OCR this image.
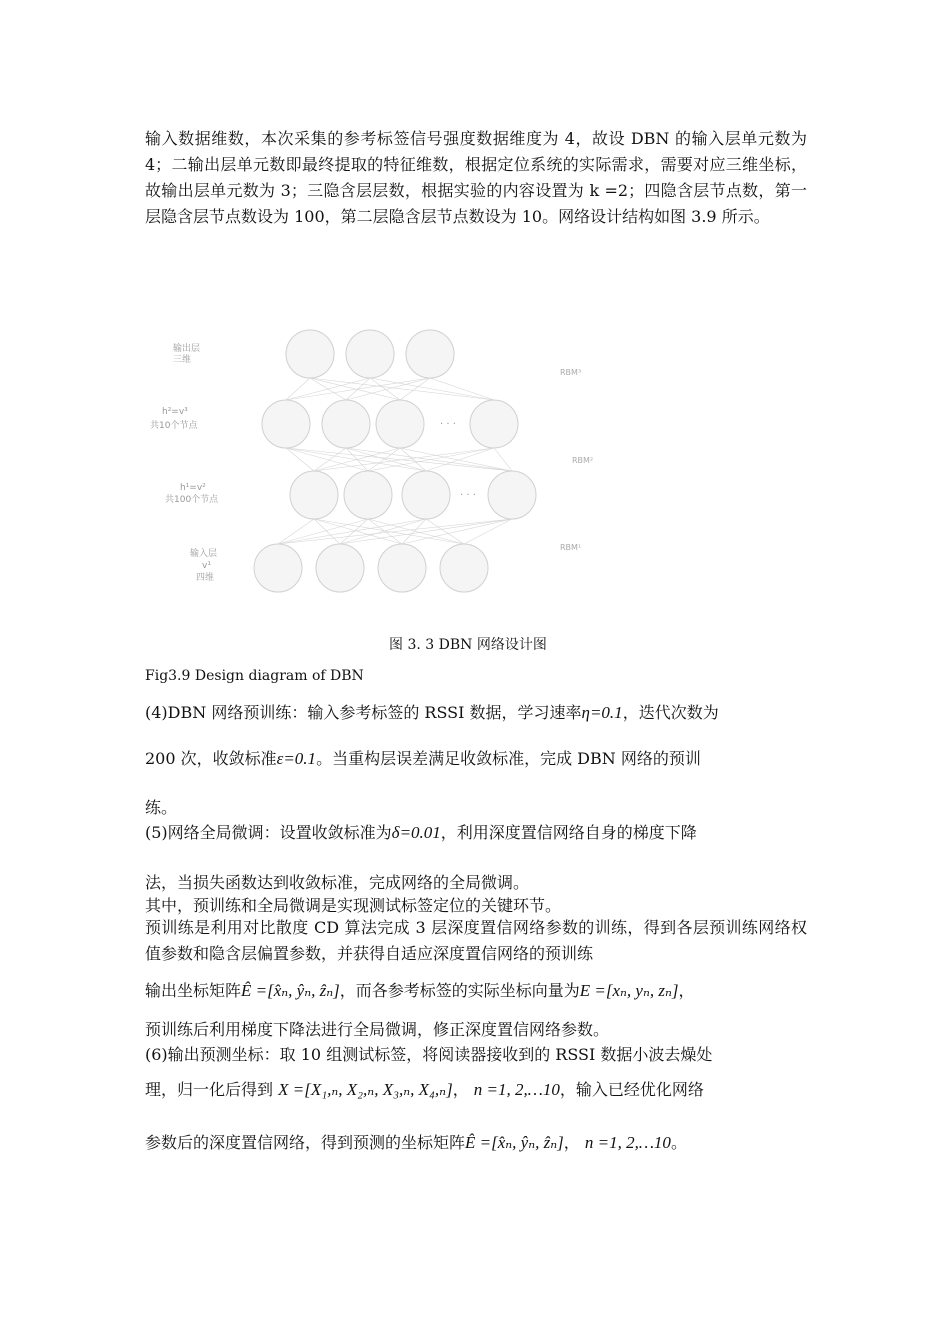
输入数据维数，本次采集的参考标签信号强度数据维度为 4，故设 DBN 的输入层单元数为 4；二输出层单元数即最终提取的特征维数，根据定位系统的实际需求，需要对应三维坐标，故输出层单元数为 3；三隐含层层数，根据实验的内容设置为 k =2；四隐含层节点数，第一层隐含层节点数设为 100，第二层隐含层节点数设为 10。网络设计结构如图 3.9 所示。
输出层
三维
h²=v³
共10个节点
h¹=v²
共100个节点
输入层
v¹
四维
· · ·
· · ·
RBM³
RBM²
RBM¹
图 3. 3 DBN 网络设计图
Fig3.9 Design diagram of DBN
(4)DBN 网络预训练：输入参考标签的 RSSI 数据，学习速率η=0.1，迭代次数为
200 次，收敛标准ε=0.1。当重构层误差满足收敛标准，完成 DBN 网络的预训
练。
(5)网络全局微调：设置收敛标准为δ=0.01，利用深度置信网络自身的梯度下降
法，当损失函数达到收敛标准，完成网络的全局微调。
其中，预训练和全局微调是实现测试标签定位的关键环节。
预训练是利用对比散度 CD 算法完成 3 层深度置信网络参数的训练，得到各层预训练网络权值参数和隐含层偏置参数，并获得自适应深度置信网络的预训练
输出坐标矩阵Ê =[x̂ₙ, ŷₙ, ẑₙ]，而各参考标签的实际坐标向量为E =[xₙ, yₙ, zₙ]，
预训练后利用梯度下降法进行全局微调，修正深度置信网络参数。
(6)输出预测坐标：取 10 组测试标签，将阅读器接收到的 RSSI 数据小波去燥处
理，归一化后得到 X =[X₁,ₙ, X₂,ₙ, X₃,ₙ, X₄,ₙ]， n =1, 2,…10，输入已经优化网络
参数后的深度置信网络，得到预测的坐标矩阵Ê =[x̂ₙ, ŷₙ, ẑₙ]， n =1, 2,…10。
